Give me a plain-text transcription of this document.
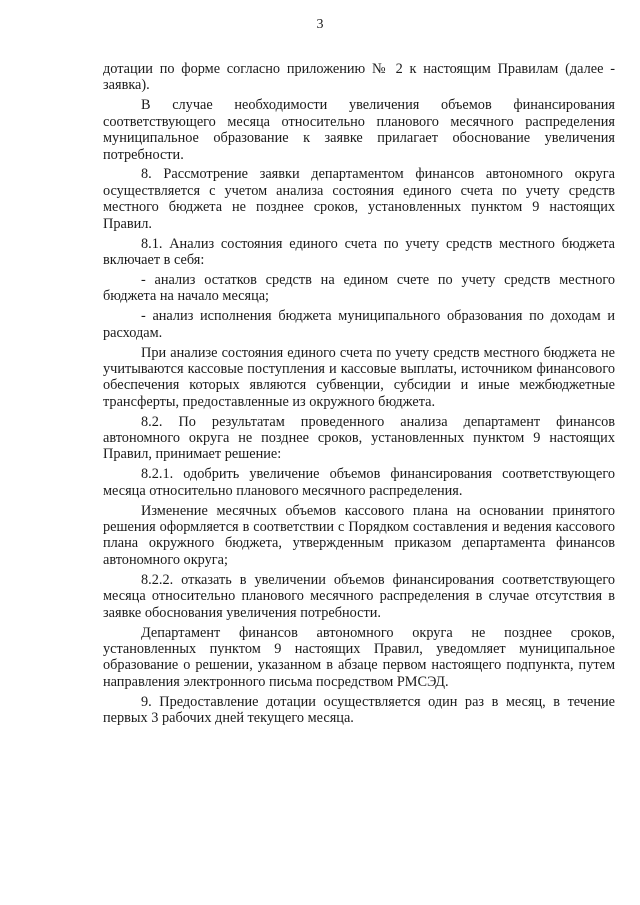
3

дотации по форме согласно приложению № 2 к настоящим Правилам (далее - заявка).

В случае необходимости увеличения объемов финансирования соответствующего месяца относительно планового месячного распределения муниципальное образование к заявке прилагает обоснование увеличения потребности.

8. Рассмотрение заявки департаментом финансов автономного округа осуществляется с учетом анализа состояния единого счета по учету средств местного бюджета не позднее сроков, установленных пунктом 9 настоящих Правил.

8.1. Анализ состояния единого счета по учету средств местного бюджета включает в себя:

- анализ остатков средств на едином счете по учету средств местного бюджета на начало месяца;

- анализ исполнения бюджета муниципального образования по доходам и расходам.

При анализе состояния единого счета по учету средств местного бюджета не учитываются кассовые поступления и кассовые выплаты, источником финансового обеспечения которых являются субвенции, субсидии и иные межбюджетные трансферты, предоставленные из окружного бюджета.

8.2. По результатам проведенного анализа департамент финансов автономного округа не позднее сроков, установленных пунктом 9 настоящих Правил, принимает решение:

8.2.1. одобрить увеличение объемов финансирования соответствующего месяца относительно планового месячного распределения.

Изменение месячных объемов кассового плана на основании принятого решения оформляется в соответствии с Порядком составления и ведения кассового плана окружного бюджета, утвержденным приказом департамента финансов автономного округа;

8.2.2. отказать в увеличении объемов финансирования соответствующего месяца относительно планового месячного распределения в случае отсутствия в заявке обоснования увеличения потребности.

Департамент финансов автономного округа не позднее сроков, установленных пунктом 9 настоящих Правил, уведомляет муниципальное образование о решении, указанном в абзаце первом настоящего подпункта, путем направления электронного письма посредством РМСЭД.

9. Предоставление дотации осуществляется один раз в месяц, в течение первых 3 рабочих дней текущего месяца.
